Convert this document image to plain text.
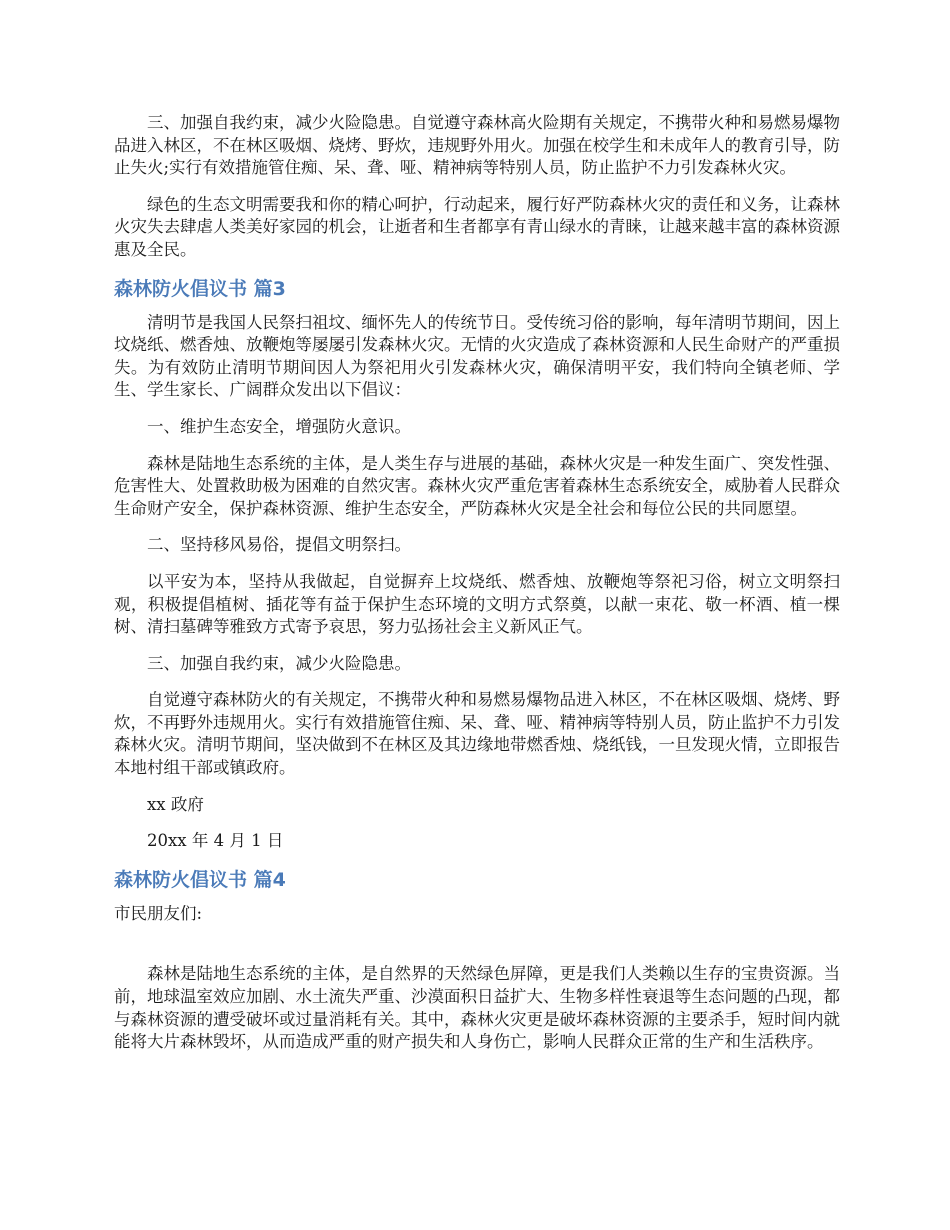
三、加强自我约束，减少火险隐患。自觉遵守森林高火险期有关规定，不携带火种和易燃易爆物品进入林区，不在林区吸烟、烧烤、野炊，违规野外用火。加强在校学生和未成年人的教育引导，防止失火;实行有效措施管住痴、呆、聋、哑、精神病等特别人员，防止监护不力引发森林火灾。

绿色的生态文明需要我和你的精心呵护，行动起来，履行好严防森林火灾的责任和义务，让森林火灾失去肆虐人类美好家园的机会，让逝者和生者都享有青山绿水的青睐，让越来越丰富的森林资源惠及全民。

森林防火倡议书 篇3

清明节是我国人民祭扫祖坟、缅怀先人的传统节日。受传统习俗的影响，每年清明节期间，因上坟烧纸、燃香烛、放鞭炮等屡屡引发森林火灾。无情的火灾造成了森林资源和人民生命财产的严重损失。为有效防止清明节期间因人为祭祀用火引发森林火灾，确保清明平安，我们特向全镇老师、学生、学生家长、广阔群众发出以下倡议：

一、维护生态安全，增强防火意识。

森林是陆地生态系统的主体，是人类生存与进展的基础，森林火灾是一种发生面广、突发性强、危害性大、处置救助极为困难的自然灾害。森林火灾严重危害着森林生态系统安全，威胁着人民群众生命财产安全，保护森林资源、维护生态安全，严防森林火灾是全社会和每位公民的共同愿望。

二、坚持移风易俗，提倡文明祭扫。

以平安为本，坚持从我做起，自觉摒弃上坟烧纸、燃香烛、放鞭炮等祭祀习俗，树立文明祭扫观，积极提倡植树、插花等有益于保护生态环境的文明方式祭奠，以献一束花、敬一杯酒、植一棵树、清扫墓碑等雅致方式寄予哀思，努力弘扬社会主义新风正气。

三、加强自我约束，减少火险隐患。

自觉遵守森林防火的有关规定，不携带火种和易燃易爆物品进入林区，不在林区吸烟、烧烤、野炊，不再野外违规用火。实行有效措施管住痴、呆、聋、哑、精神病等特别人员，防止监护不力引发森林火灾。清明节期间，坚决做到不在林区及其边缘地带燃香烛、烧纸钱，一旦发现火情，立即报告本地村组干部或镇政府。

xx 政府

20xx 年 4 月 1 日

森林防火倡议书 篇4

市民朋友们:

森林是陆地生态系统的主体，是自然界的天然绿色屏障，更是我们人类赖以生存的宝贵资源。当前，地球温室效应加剧、水土流失严重、沙漠面积日益扩大、生物多样性衰退等生态问题的凸现，都与森林资源的遭受破坏或过量消耗有关。其中，森林火灾更是破坏森林资源的主要杀手，短时间内就能将大片森林毁坏，从而造成严重的财产损失和人身伤亡，影响人民群众正常的生产和生活秩序。
